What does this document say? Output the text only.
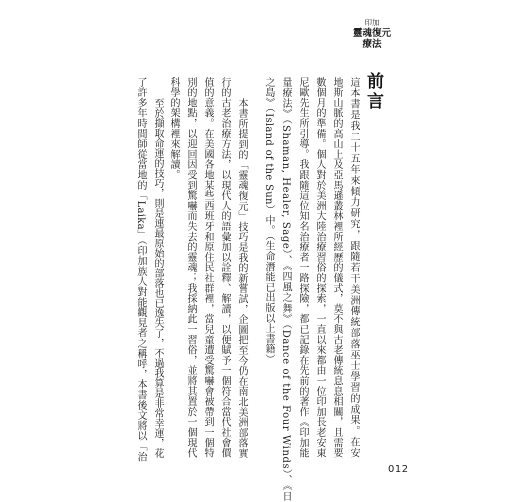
印加
靈魂復元
療法
前言
這本書是我二十五年來傾力研究，跟隨若干美洲傳統部落巫士學習的成果。在安
地斯山脈的高山上及亞馬遜叢林裡所經歷的儀式，莫不與古老傳統息息相關，且需要
數個月的準備。個人對於美洲大陸治療習俗的探索，一直以來都由一位印加長老安東
尼歐先生所引導。我跟隨這位知名治療者一路探險，都已記錄在先前的著作《印加能
量療法》（Shaman, Healer, Sage）、《四風之舞》（Dance of the Four Winds）、《日
之島》（Island of the Sun）中。（生命潛能已出版以上書籍）
本書所提到的「靈魂復元」技巧是我的新嘗試，企圖把至今仍在南北美洲部落實
行的古老治療方法，以現代人的語彙加以詮釋、解讀，以便賦予一個符合當代社會價
值的意義。在美國各地某些西班牙和原住民社群裡，當兒童遭受驚嚇會被帶到一個特
別的地點，以迎回因受到驚嚇而失去的靈魂；我採納此一習俗，並將其置於一個現代
科學的架構裡來解讀。
至於擷取命運的技巧，則是連最原始的部落也已逸失了，不過我算是非常幸運，花
了許多年時間師從當地的「Laika」（印加族人對能觀見者之稱呼，本書後文將以「治
012
